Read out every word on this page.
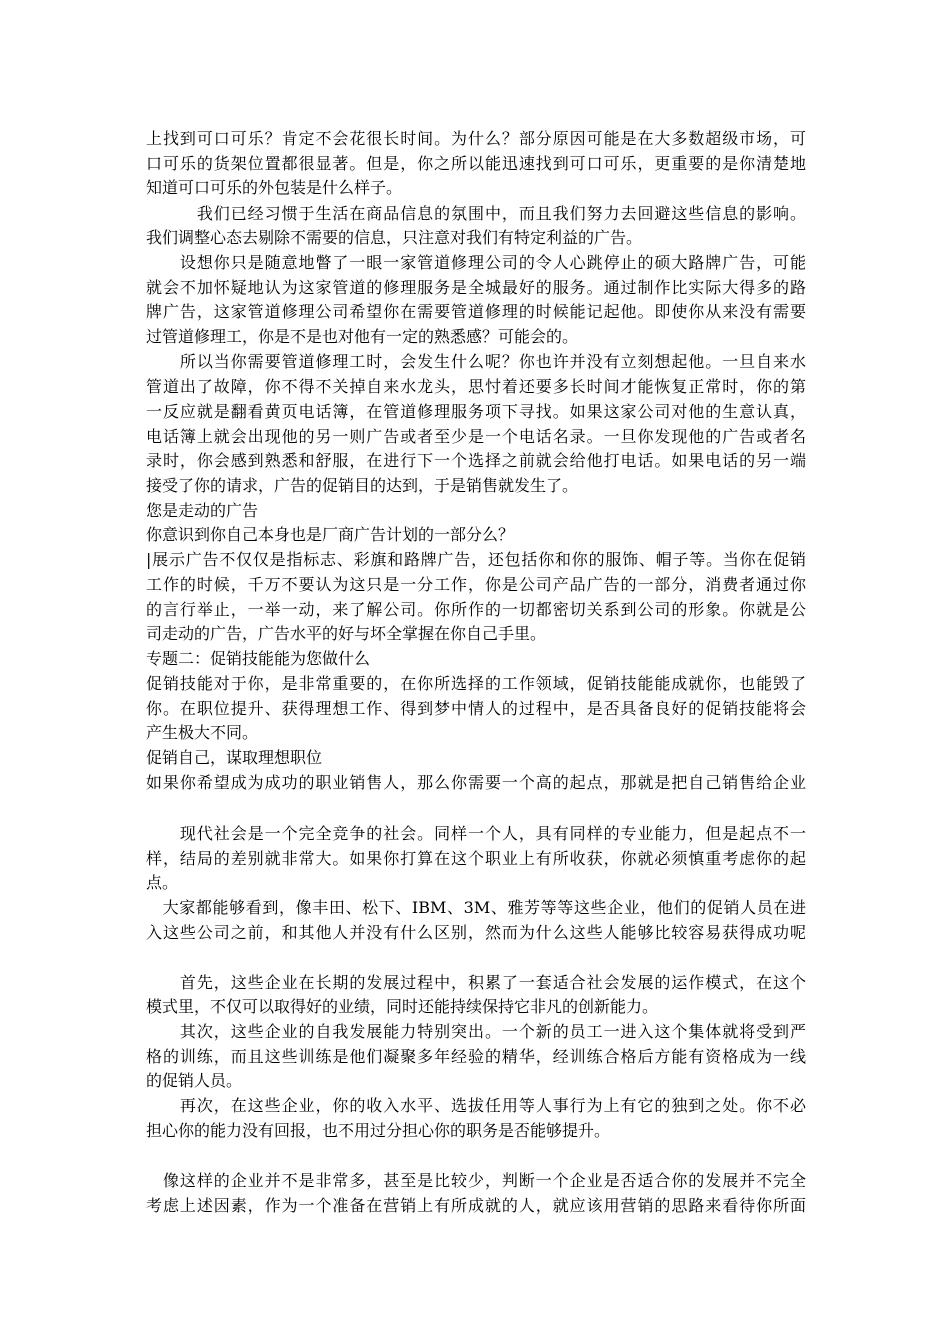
上找到可口可乐？肯定不会花很长时间。为什么？部分原因可能是在大多数超级市场，可
口可乐的货架位置都很显著。但是，你之所以能迅速找到可口可乐，更重要的是你清楚地
知道可口可乐的外包装是什么样子。
　　　我们已经习惯于生活在商品信息的氛围中，而且我们努力去回避这些信息的影响。
我们调整心态去剔除不需要的信息，只注意对我们有特定利益的广告。
　　设想你只是随意地瞥了一眼一家管道修理公司的令人心跳停止的硕大路牌广告，可能
就会不加怀疑地认为这家管道的修理服务是全城最好的服务。通过制作比实际大得多的路
牌广告，这家管道修理公司希望你在需要管道修理的时候能记起他。即使你从来没有需要
过管道修理工，你是不是也对他有一定的熟悉感？可能会的。
　　所以当你需要管道修理工时，会发生什么呢？你也许并没有立刻想起他。一旦自来水
管道出了故障，你不得不关掉自来水龙头，思忖着还要多长时间才能恢复正常时，你的第
一反应就是翻看黄页电话簿，在管道修理服务项下寻找。如果这家公司对他的生意认真，
电话簿上就会出现他的另一则广告或者至少是一个电话名录。一旦你发现他的广告或者名
录时，你会感到熟悉和舒服，在进行下一个选择之前就会给他打电话。如果电话的另一端
接受了你的请求，广告的促销目的达到，于是销售就发生了。
您是走动的广告
你意识到你自己本身也是厂商广告计划的一部分么？
|展示广告不仅仅是指标志、彩旗和路牌广告，还包括你和你的服饰、帽子等。当你在促销
工作的时候，千万不要认为这只是一分工作，你是公司产品广告的一部分，消费者通过你
的言行举止，一举一动，来了解公司。你所作的一切都密切关系到公司的形象。你就是公
司走动的广告，广告水平的好与坏全掌握在你自己手里。
专题二：促销技能能为您做什么
促销技能对于你，是非常重要的，在你所选择的工作领域，促销技能能成就你，也能毁了
你。在职位提升、获得理想工作、得到梦中情人的过程中，是否具备良好的促销技能将会
产生极大不同。
促销自己，谋取理想职位
如果你希望成为成功的职业销售人，那么你需要一个高的起点，那就是把自己销售给企业
　　现代社会是一个完全竞争的社会。同样一个人，具有同样的专业能力，但是起点不一
样，结局的差别就非常大。如果你打算在这个职业上有所收获，你就必须慎重考虑你的起
点。
　大家都能够看到，像丰田、松下、IBM、3M、雅芳等等这些企业，他们的促销人员在进
入这些公司之前，和其他人并没有什么区别，然而为什么这些人能够比较容易获得成功呢
　　首先，这些企业在长期的发展过程中，积累了一套适合社会发展的运作模式，在这个
模式里，不仅可以取得好的业绩，同时还能持续保持它非凡的创新能力。
　　其次，这些企业的自我发展能力特别突出。一个新的员工一进入这个集体就将受到严
格的训练，而且这些训练是他们凝聚多年经验的精华，经训练合格后方能有资格成为一线
的促销人员。
　　再次，在这些企业，你的收入水平、选拔任用等人事行为上有它的独到之处。你不必
担心你的能力没有回报，也不用过分担心你的职务是否能够提升。
　像这样的企业并不是非常多，甚至是比较少，判断一个企业是否适合你的发展并不完全
考虑上述因素，作为一个准备在营销上有所成就的人，就应该用营销的思路来看待你所面
